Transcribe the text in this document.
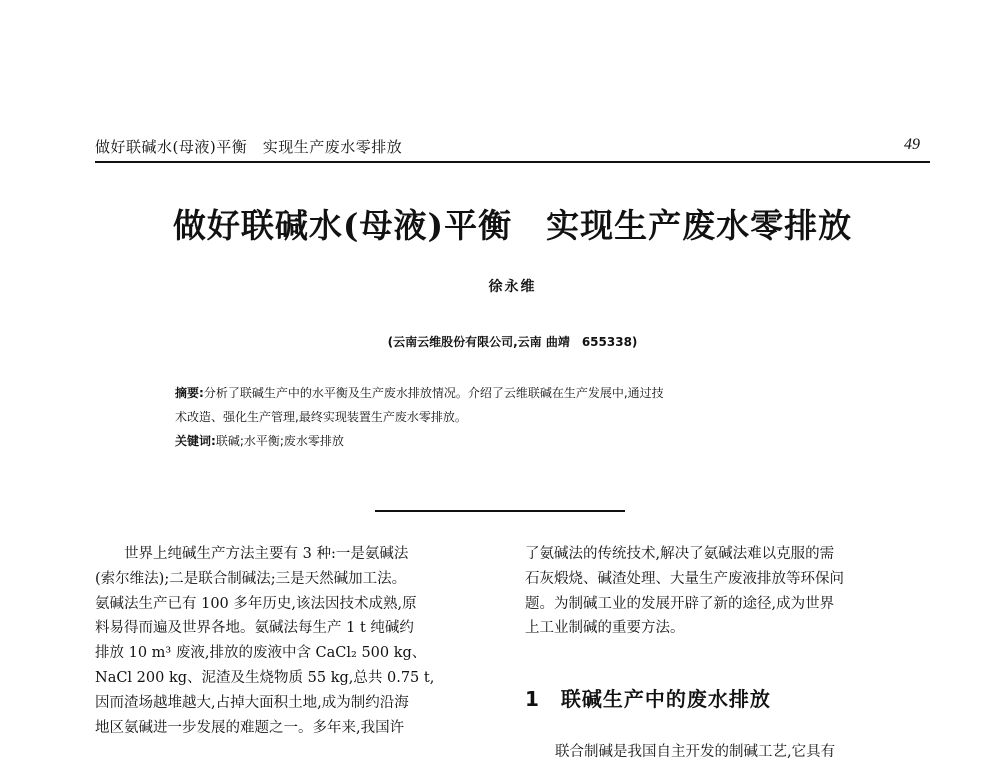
做好联碱水(母液)平衡　实现生产废水零排放	49
做好联碱水(母液)平衡　实现生产废水零排放
徐永维
(云南云维股份有限公司,云南 曲靖　655338)
摘要:分析了联碱生产中的水平衡及生产废水排放情况。介绍了云维联碱在生产发展中,通过技
术改造、强化生产管理,最终实现装置生产废水零排放。
关键词:联碱;水平衡;废水零排放
世界上纯碱生产方法主要有 3 种:一是氨碱法
(索尔维法);二是联合制碱法;三是天然碱加工法。
氨碱法生产已有 100 多年历史,该法因技术成熟,原
料易得而遍及世界各地。氨碱法每生产 1 t 纯碱约
排放 10 m³ 废液,排放的废液中含 CaCl₂ 500 kg、
NaCl 200 kg、泥渣及生烧物质 55 kg,总共 0.75 t,
因而渣场越堆越大,占掉大面积土地,成为制约沿海
地区氨碱进一步发展的难题之一。多年来,我国许
了氨碱法的传统技术,解决了氨碱法难以克服的需
石灰煅烧、碱渣处理、大量生产废液排放等环保问
题。为制碱工业的发展开辟了新的途径,成为世界
上工业制碱的重要方法。
1　联碱生产中的废水排放
联合制碱是我国自主开发的制碱工艺,它具有
